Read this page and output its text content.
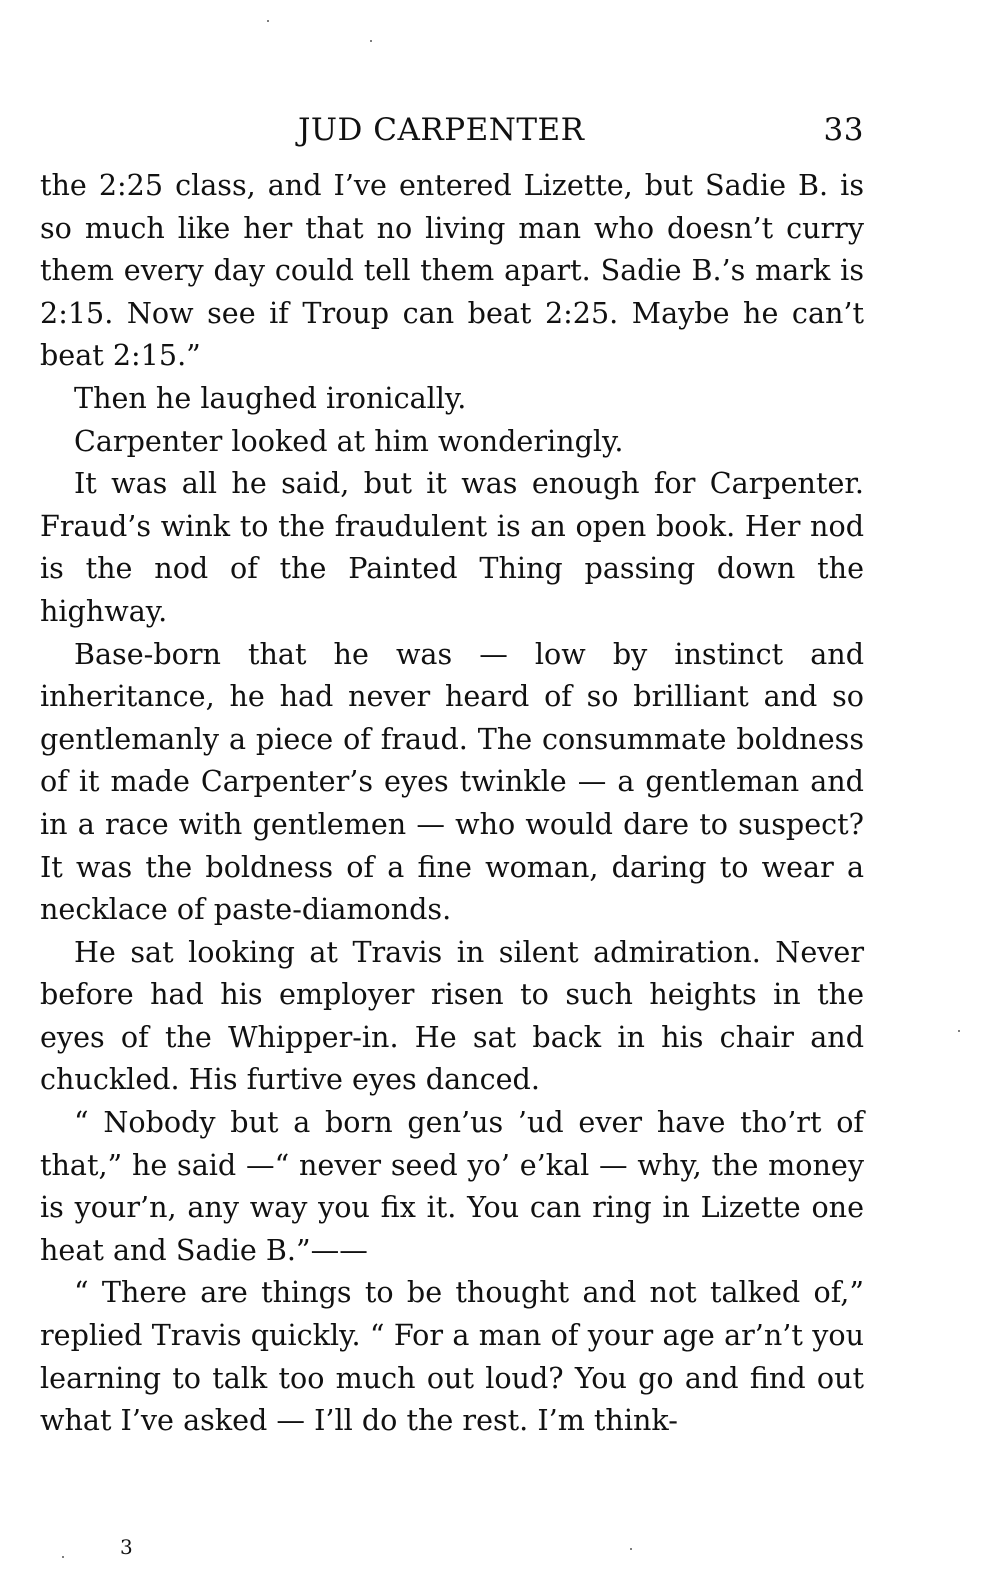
JUD CARPENTER	33

the 2:25 class, and I’ve entered Lizette, but Sadie B. is so much like her that no living man who doesn’t curry them every day could tell them apart. Sadie B.’s mark is 2:15. Now see if Troup can beat 2:25. Maybe he can’t beat 2:15.”

Then he laughed ironically.

Carpenter looked at him wonderingly.

It was all he said, but it was enough for Carpenter. Fraud’s wink to the fraudulent is an open book. Her nod is the nod of the Painted Thing passing down the highway.

Base-born that he was — low by instinct and inheritance, he had never heard of so brilliant and so gentlemanly a piece of fraud. The consummate boldness of it made Carpenter’s eyes twinkle — a gentleman and in a race with gentlemen — who would dare to suspect? It was the boldness of a fine woman, daring to wear a necklace of paste-diamonds.

He sat looking at Travis in silent admiration. Never before had his employer risen to such heights in the eyes of the Whipper-in. He sat back in his chair and chuckled. His furtive eyes danced.

“ Nobody but a born gen’us ’ud ever have tho’rt of that,” he said —“ never seed yo’ e’kal — why, the money is your’n, any way you fix it. You can ring in Lizette one heat and Sadie B.”——

“ There are things to be thought and not talked of,” replied Travis quickly. “ For a man of your age ar’n’t you learning to talk too much out loud? You go and find out what I’ve asked — I’ll do the rest. I’m think-

3
